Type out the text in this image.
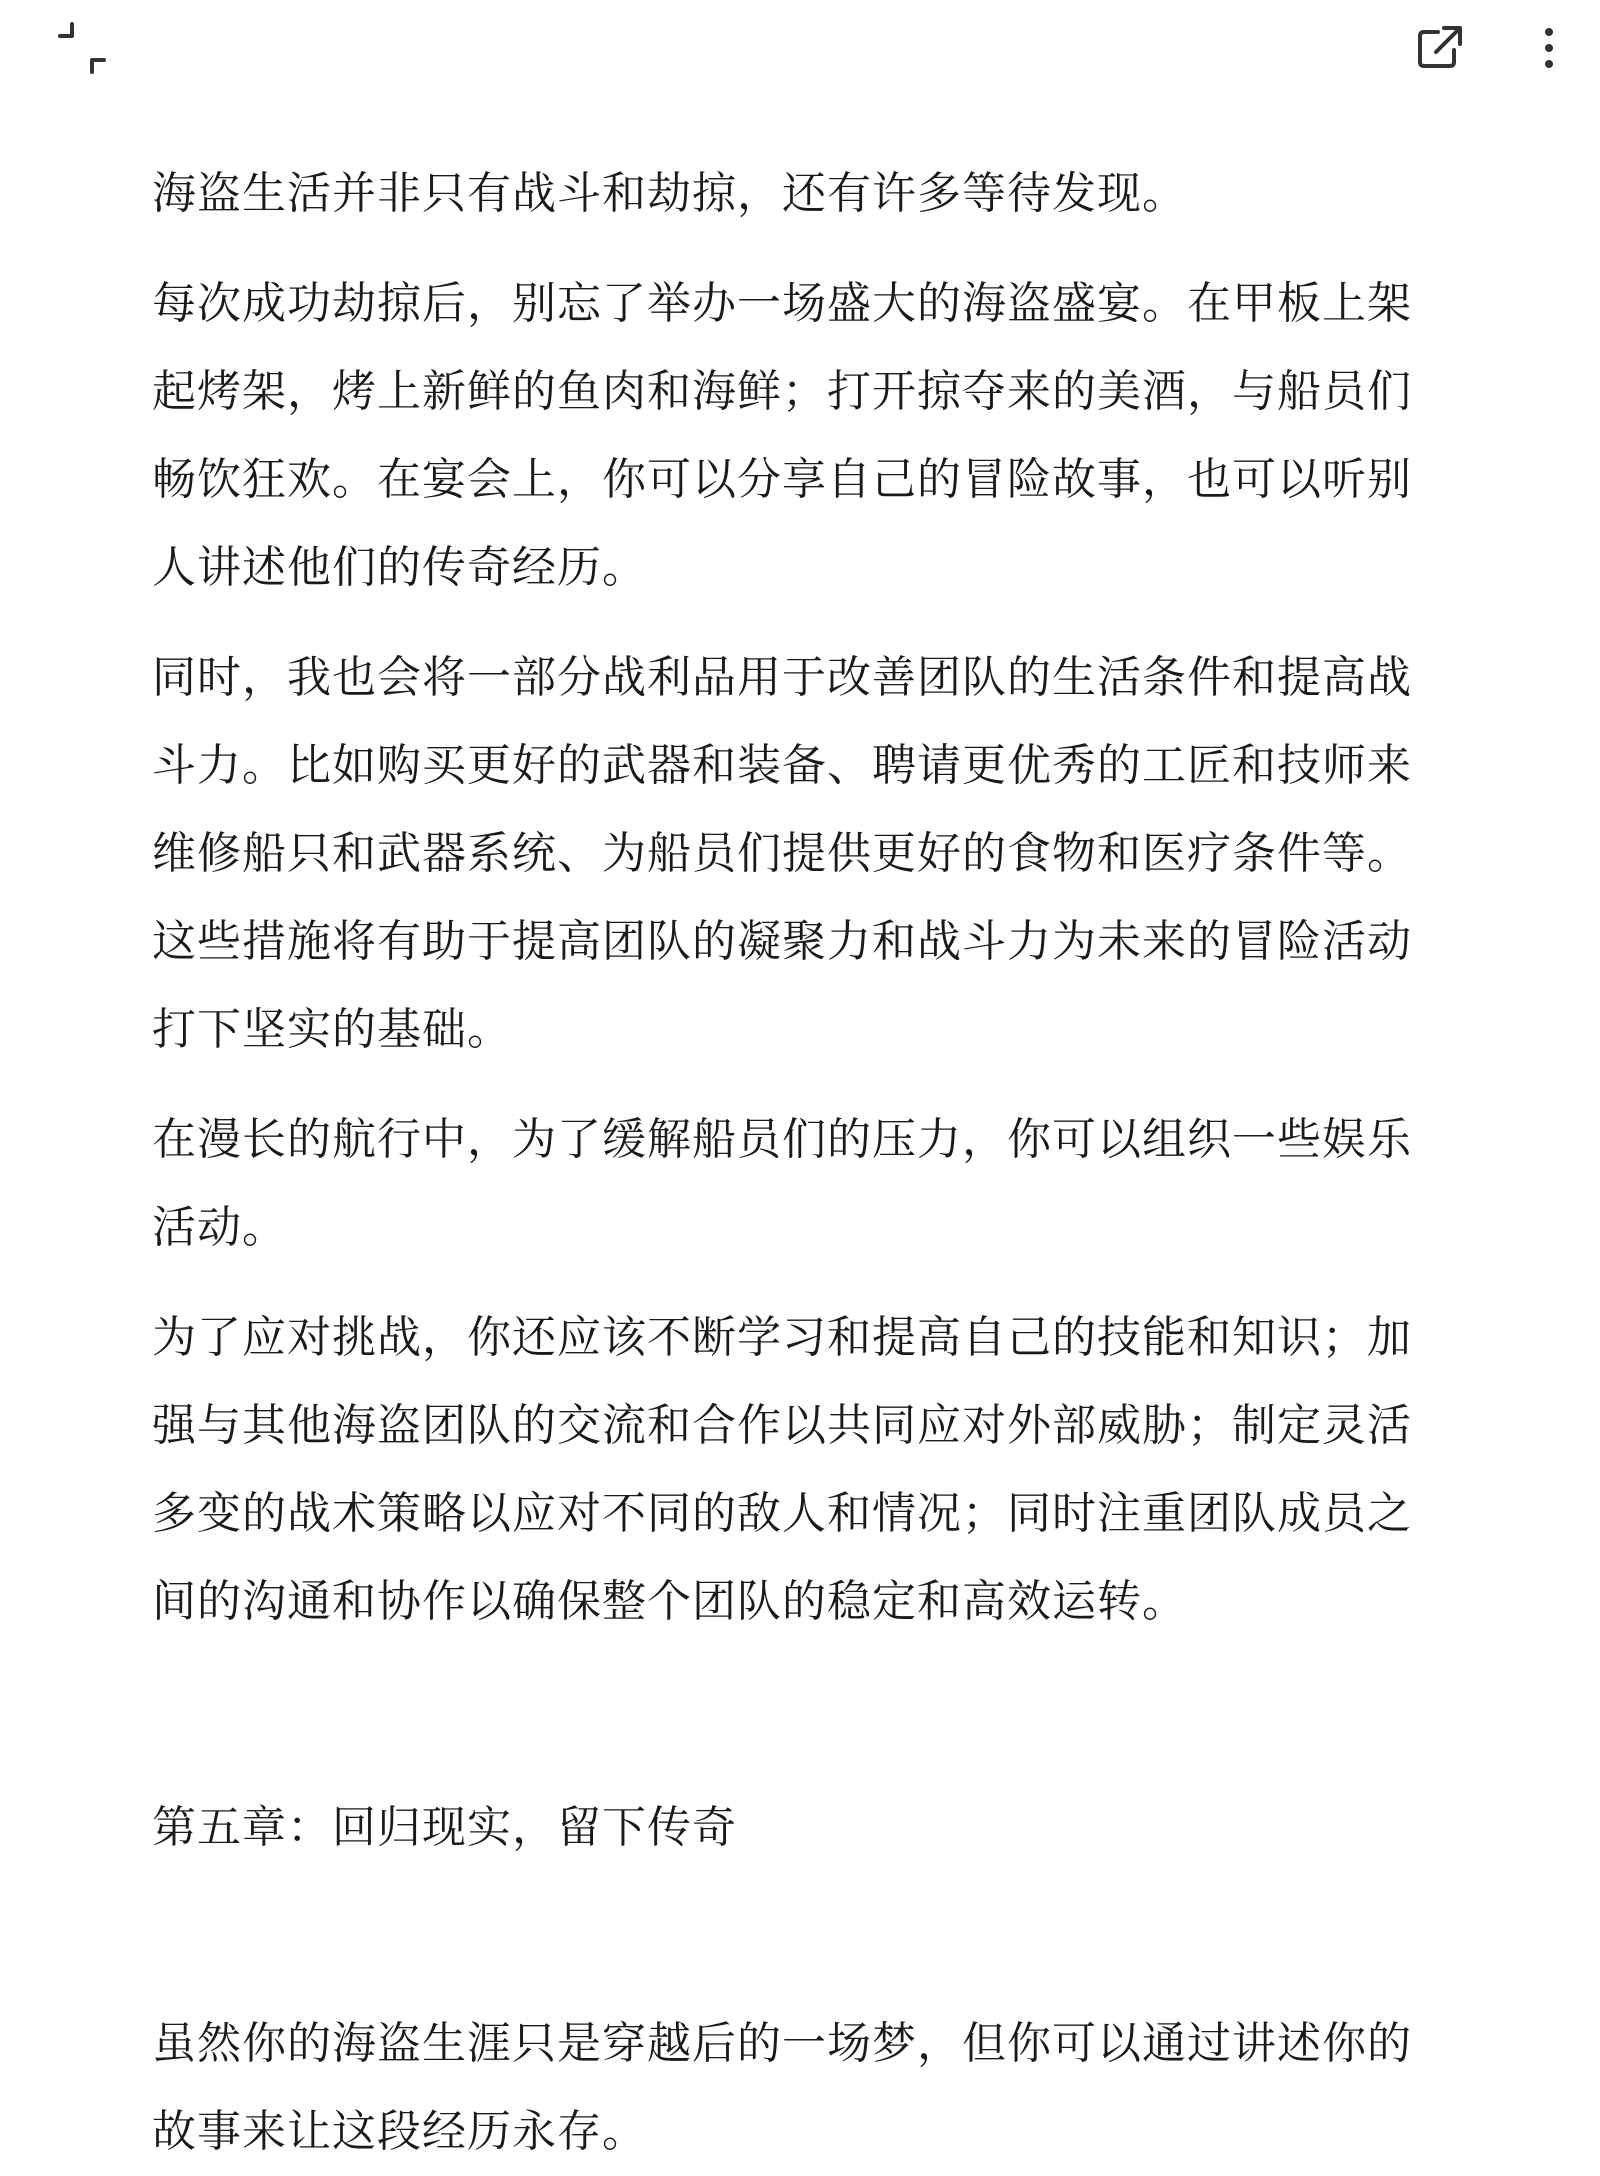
海盗生活并非只有战斗和劫掠，还有许多等待发现。

每次成功劫掠后，别忘了举办一场盛大的海盗盛宴。在甲板上架起烤架，烤上新鲜的鱼肉和海鲜；打开掠夺来的美酒，与船员们畅饮狂欢。在宴会上，你可以分享自己的冒险故事，也可以听别人讲述他们的传奇经历。

同时，我也会将一部分战利品用于改善团队的生活条件和提高战斗力。比如购买更好的武器和装备、聘请更优秀的工匠和技师来维修船只和武器系统、为船员们提供更好的食物和医疗条件等。这些措施将有助于提高团队的凝聚力和战斗力为未来的冒险活动打下坚实的基础。

在漫长的航行中，为了缓解船员们的压力，你可以组织一些娱乐活动。

为了应对挑战，你还应该不断学习和提高自己的技能和知识；加强与其他海盗团队的交流和合作以共同应对外部威胁；制定灵活多变的战术策略以应对不同的敌人和情况；同时注重团队成员之间的沟通和协作以确保整个团队的稳定和高效运转。

第五章：回归现实，留下传奇

虽然你的海盗生涯只是穿越后的一场梦，但你可以通过讲述你的故事来让这段经历永存。
